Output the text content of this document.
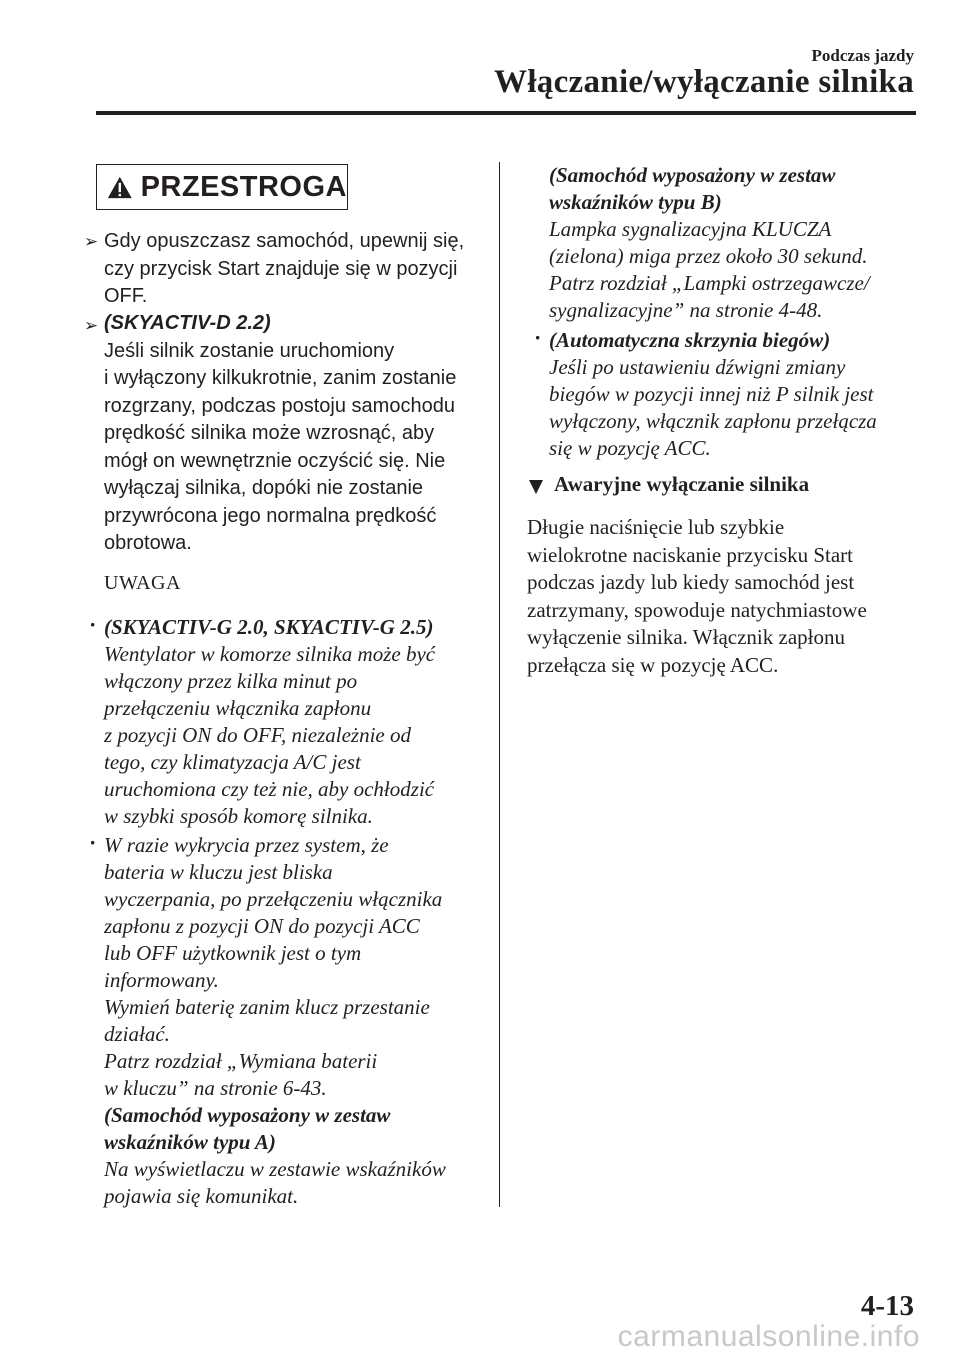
Podczas jazdy
Włączanie/wyłączanie silnika
PRZESTROGA
➢ Gdy opuszczasz samochód, upewnij się,
czy przycisk Start znajduje się w pozycji
OFF.
➢ (SKYACTIV-D 2.2)
Jeśli silnik zostanie uruchomiony
i wyłączony kilkukrotnie, zanim zostanie
rozgrzany, podczas postoju samochodu
prędkość silnika może wzrosnąć, aby
mógł on wewnętrznie oczyścić się. Nie
wyłączaj silnika, dopóki nie zostanie
przywrócona jego normalna prędkość
obrotowa.
UWAGA
· (SKYACTIV-G 2.0, SKYACTIV-G 2.5)
Wentylator w komorze silnika może być
włączony przez kilka minut po
przełączeniu włącznika zapłonu
z pozycji ON do OFF, niezależnie od
tego, czy klimatyzacja A/C jest
uruchomiona czy też nie, aby ochłodzić
w szybki sposób komorę silnika.
· W razie wykrycia przez system, że
bateria w kluczu jest bliska
wyczerpania, po przełączeniu włącznika
zapłonu z pozycji ON do pozycji ACC
lub OFF użytkownik jest o tym
informowany.
Wymień baterię zanim klucz przestanie
działać.
Patrz rozdział „Wymiana baterii
w kluczu” na stronie 6-43.
(Samochód wyposażony w zestaw
wskaźników typu A)
Na wyświetlaczu w zestawie wskaźników
pojawia się komunikat.
(Samochód wyposażony w zestaw
wskaźników typu B)
Lampka sygnalizacyjna KLUCZA
(zielona) miga przez około 30 sekund.
Patrz rozdział „Lampki ostrzegawcze/
sygnalizacyjne” na stronie 4-48.
· (Automatyczna skrzynia biegów)
Jeśli po ustawieniu dźwigni zmiany
biegów w pozycji innej niż P silnik jest
wyłączony, włącznik zapłonu przełącza
się w pozycję ACC.
Awaryjne wyłączanie silnika
Długie naciśnięcie lub szybkie
wielokrotne naciskanie przycisku Start
podczas jazdy lub kiedy samochód jest
zatrzymany, spowoduje natychmiastowe
wyłączenie silnika. Włącznik zapłonu
przełącza się w pozycję ACC.
4-13
carmanualsonline.info
